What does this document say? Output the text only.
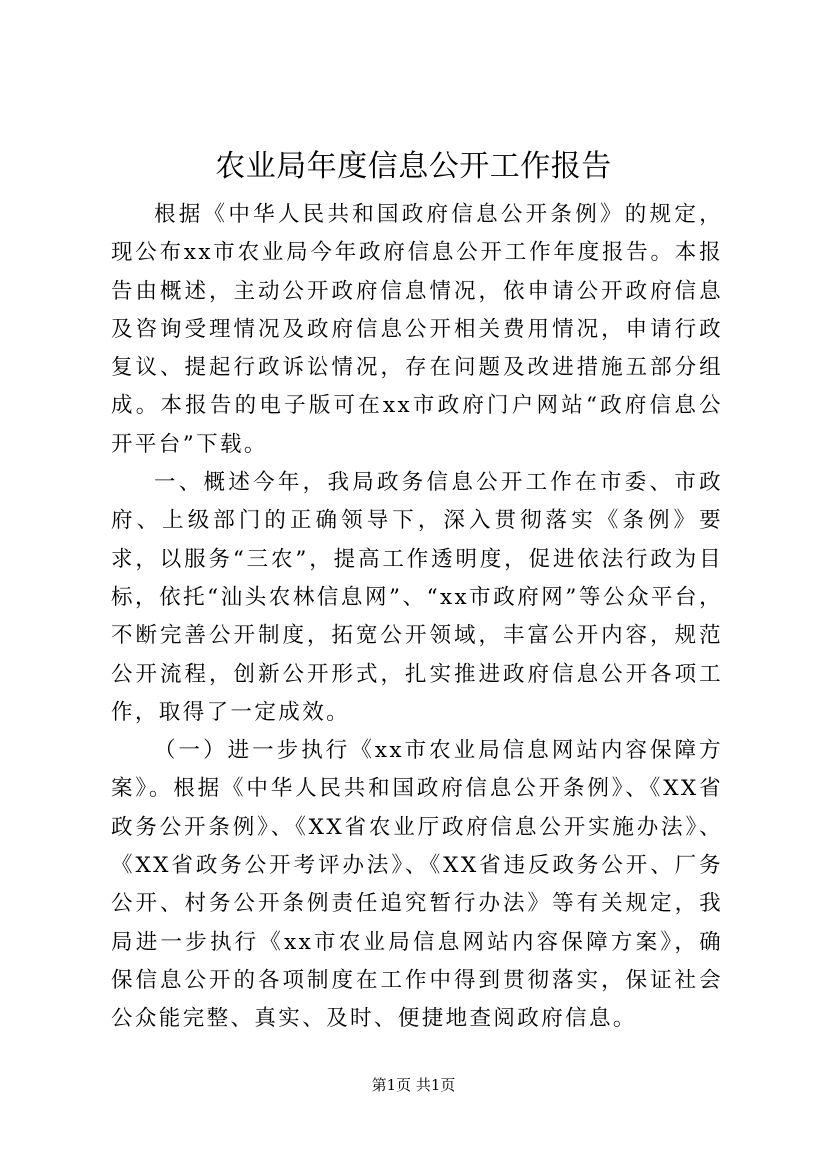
农业局年度信息公开工作报告

根据《中华人民共和国政府信息公开条例》的规定，现公布xx市农业局今年政府信息公开工作年度报告。本报告由概述，主动公开政府信息情况，依申请公开政府信息及咨询受理情况及政府信息公开相关费用情况，申请行政复议、提起行政诉讼情况，存在问题及改进措施五部分组成。本报告的电子版可在xx市政府门户网站“政府信息公开平台”下载。

一、概述今年，我局政务信息公开工作在市委、市政府、上级部门的正确领导下，深入贯彻落实《条例》要求，以服务“三农”，提高工作透明度，促进依法行政为目标，依托“汕头农林信息网”、“xx市政府网”等公众平台，不断完善公开制度，拓宽公开领域，丰富公开内容，规范公开流程，创新公开形式，扎实推进政府信息公开各项工作，取得了一定成效。

（一）进一步执行《xx市农业局信息网站内容保障方案》。根据《中华人民共和国政府信息公开条例》、《XX省政务公开条例》、《XX省农业厅政府信息公开实施办法》、《XX省政务公开考评办法》、《XX省违反政务公开、厂务公开、村务公开条例责任追究暂行办法》等有关规定，我局进一步执行《xx市农业局信息网站内容保障方案》，确保信息公开的各项制度在工作中得到贯彻落实，保证社会公众能完整、真实、及时、便捷地查阅政府信息。

第1页 共1页
